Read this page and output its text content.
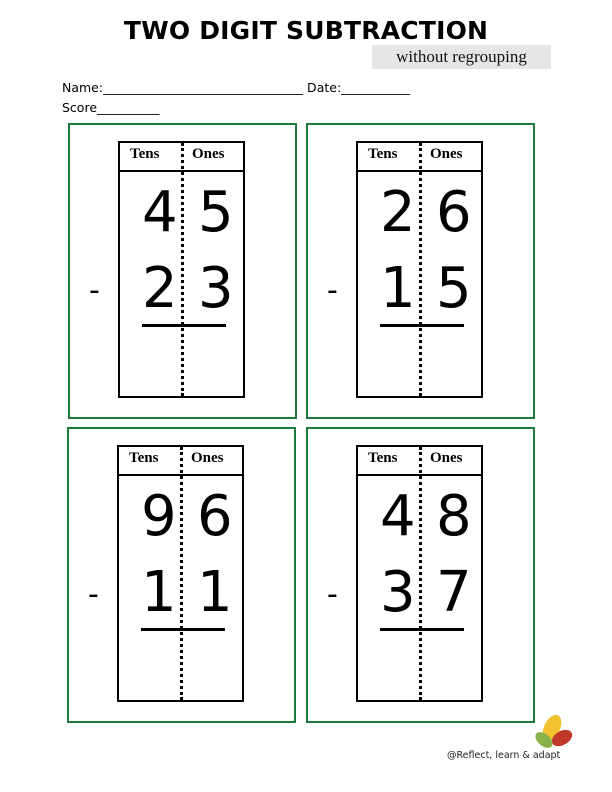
TWO DIGIT SUBTRACTION
without regrouping
Name:________________________________ Date:___________
Score__________
-
Tens Ones
4 5
2 3	-
Tens Ones
2 6
1 5
-
Tens Ones
9 6
1 1	-
Tens Ones
4 8
3 7
@Reflect, learn & adapt
